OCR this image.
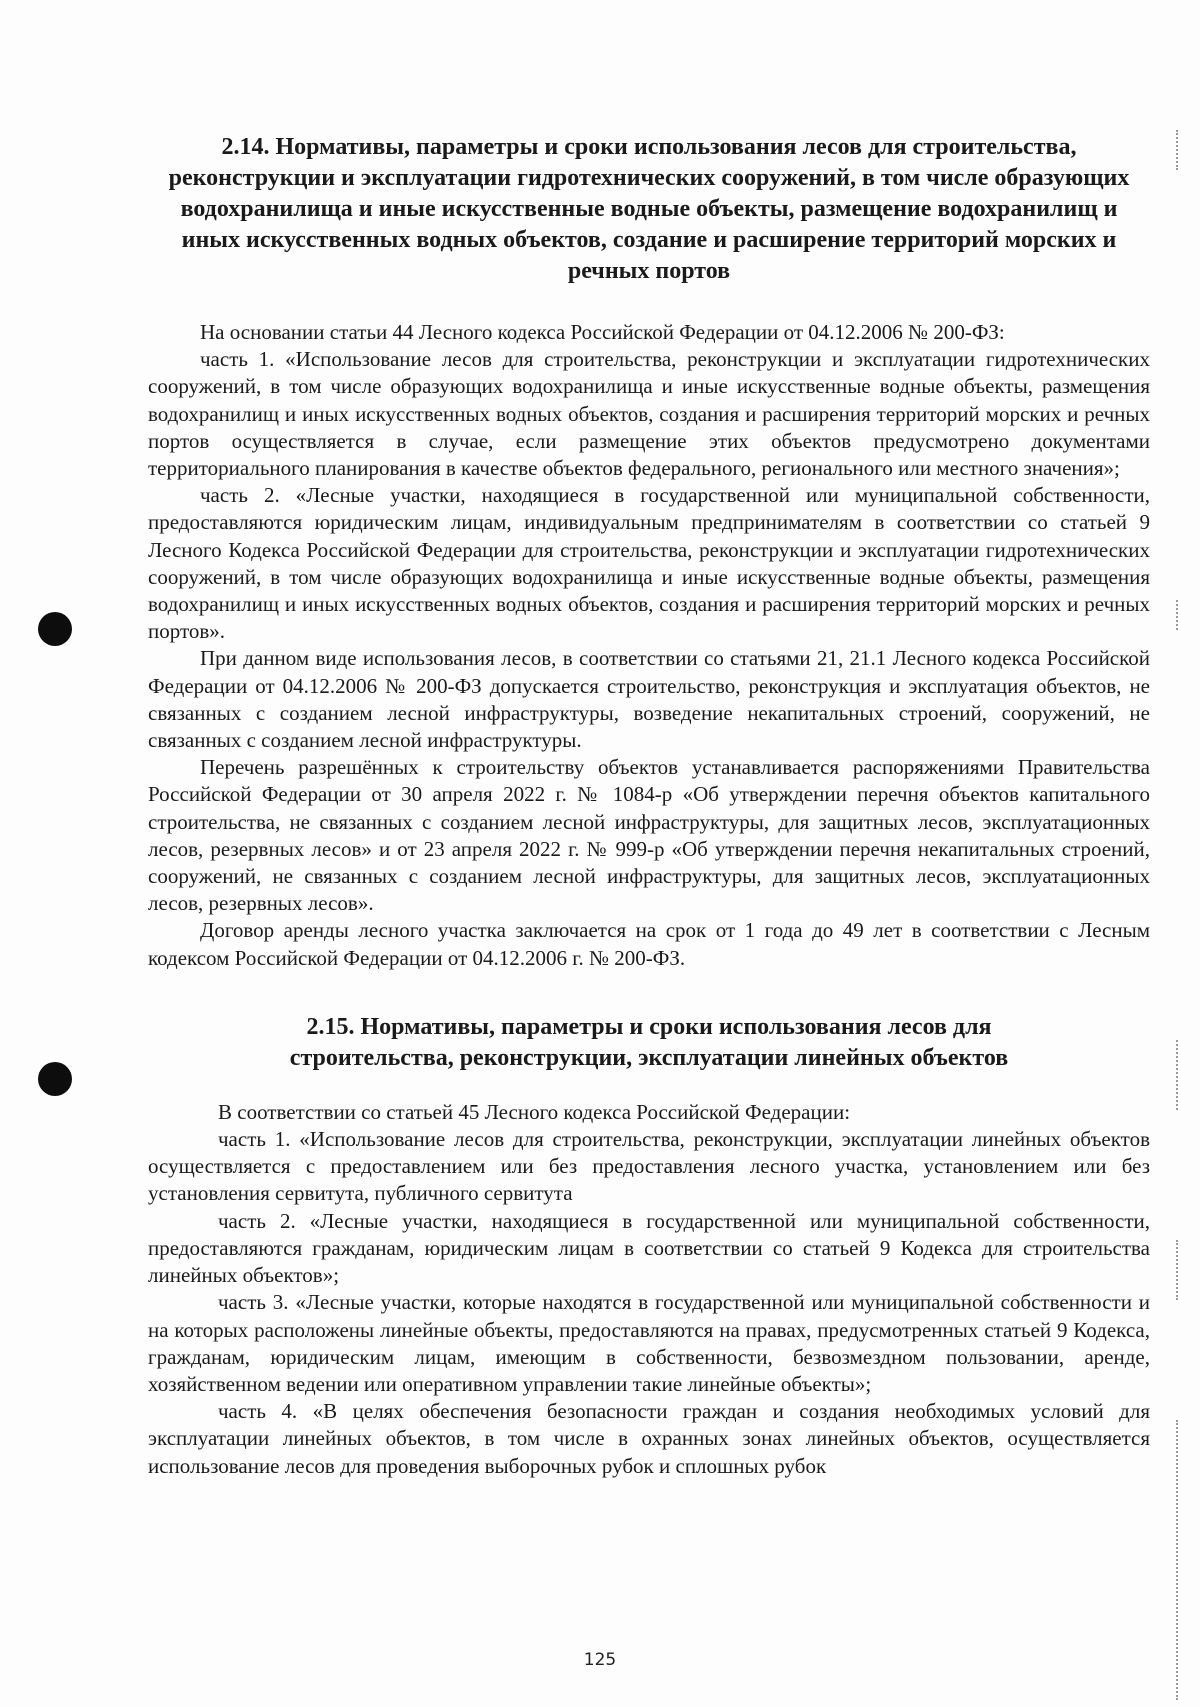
2.14. Нормативы, параметры и сроки использования лесов для строительства, реконструкции и эксплуатации гидротехнических сооружений, в том числе образующих водохранилища и иные искусственные водные объекты, размещение водохранилищ и иных искусственных водных объектов, создание и расширение территорий морских и речных портов

На основании статьи 44 Лесного кодекса Российской Федерации от 04.12.2006 № 200-ФЗ:

часть 1. «Использование лесов для строительства, реконструкции и эксплуатации гидротехнических сооружений, в том числе образующих водохранилища и иные искусственные водные объекты, размещения водохранилищ и иных искусственных водных объектов, создания и расширения территорий морских и речных портов осуществляется в случае, если размещение этих объектов предусмотрено документами территориального планирования в качестве объектов федерального, регионального или местного значения»;

часть 2. «Лесные участки, находящиеся в государственной или муниципальной собственности, предоставляются юридическим лицам, индивидуальным предпринимателям в соответствии со статьей 9 Лесного Кодекса Российской Федерации для строительства, реконструкции и эксплуатации гидротехнических сооружений, в том числе образующих водохранилища и иные искусственные водные объекты, размещения водохранилищ и иных искусственных водных объектов, создания и расширения территорий морских и речных портов».

При данном виде использования лесов, в соответствии со статьями 21, 21.1 Лесного кодекса Российской Федерации от 04.12.2006 № 200-ФЗ допускается строительство, реконструкция и эксплуатация объектов, не связанных с созданием лесной инфраструктуры, возведение некапитальных строений, сооружений, не связанных с созданием лесной инфраструктуры.

Перечень разрешённых к строительству объектов устанавливается распоряжениями Правительства Российской Федерации от 30 апреля 2022 г. № 1084-р «Об утверждении перечня объектов капитального строительства, не связанных с созданием лесной инфраструктуры, для защитных лесов, эксплуатационных лесов, резервных лесов» и от 23 апреля 2022 г. № 999-р «Об утверждении перечня некапитальных строений, сооружений, не связанных с созданием лесной инфраструктуры, для защитных лесов, эксплуатационных лесов, резервных лесов».

Договор аренды лесного участка заключается на срок от 1 года до 49 лет в соответствии с Лесным кодексом Российской Федерации от 04.12.2006 г. № 200-ФЗ.

2.15. Нормативы, параметры и сроки использования лесов для строительства, реконструкции, эксплуатации линейных объектов

В соответствии со статьей 45 Лесного кодекса Российской Федерации:

часть 1. «Использование лесов для строительства, реконструкции, эксплуатации линейных объектов осуществляется с предоставлением или без предоставления лесного участка, установлением или без установления сервитута, публичного сервитута

часть 2. «Лесные участки, находящиеся в государственной или муниципальной собственности, предоставляются гражданам, юридическим лицам в соответствии со статьей 9 Кодекса для строительства линейных объектов»;

часть 3. «Лесные участки, которые находятся в государственной или муниципальной собственности и на которых расположены линейные объекты, предоставляются на правах, предусмотренных статьей 9 Кодекса, гражданам, юридическим лицам, имеющим в собственности, безвозмездном пользовании, аренде, хозяйственном ведении или оперативном управлении такие линейные объекты»;

часть 4. «В целях обеспечения безопасности граждан и создания необходимых условий для эксплуатации линейных объектов, в том числе в охранных зонах линейных объектов, осуществляется использование лесов для проведения выборочных рубок и сплошных рубок

125
